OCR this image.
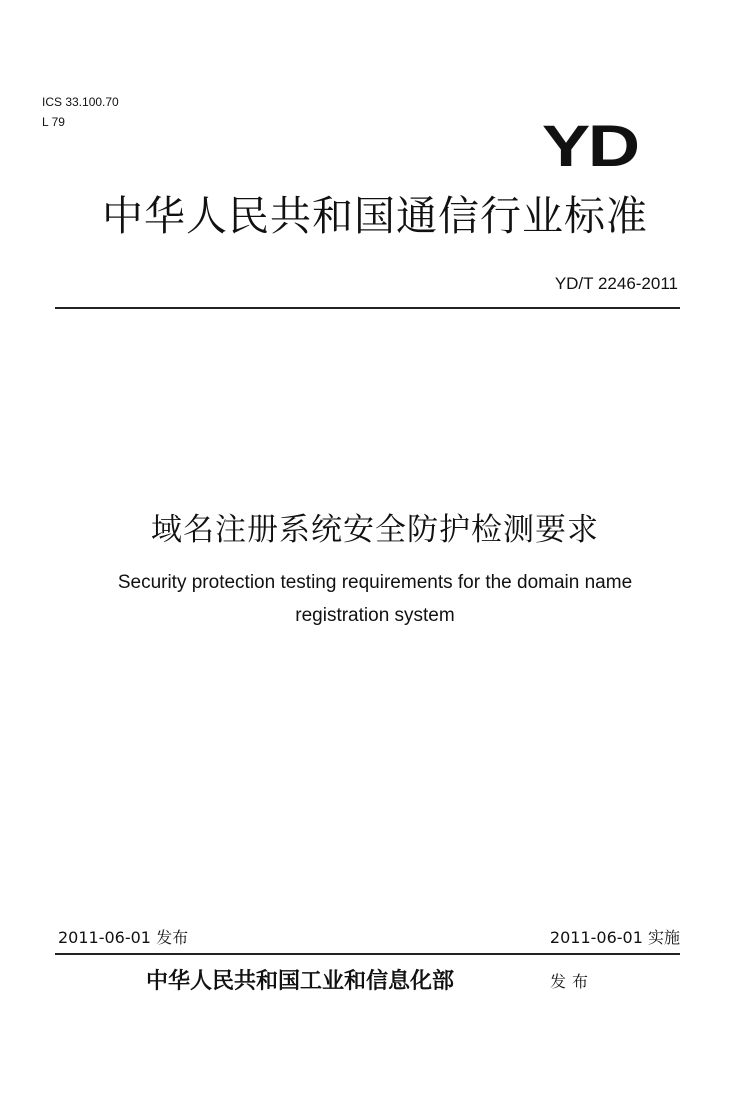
ICS 33.100.70
L 79	YD
中华人民共和国通信行业标准
YD/T 2246-2011
域名注册系统安全防护检测要求
Security protection testing requirements for the domain name
registration system
2011-06-01 发布	2011-06-01 实施
中华人民共和国工业和信息化部	发布
